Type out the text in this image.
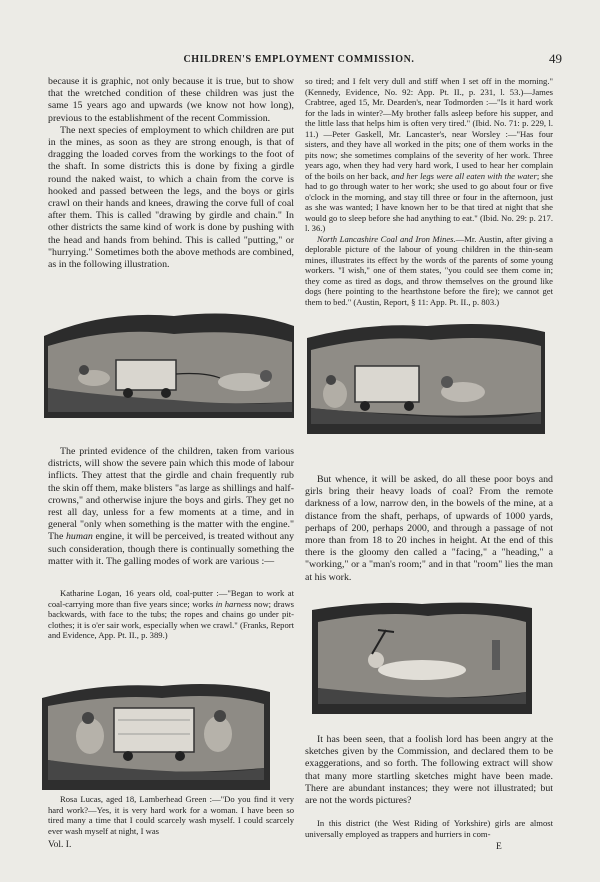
CHILDREN'S EMPLOYMENT COMMISSION.	49

because it is graphic, not only because it is true, but to show that the wretched condition of these children was just the same 15 years ago and upwards (we know not how long), previous to the establishment of the recent Commission.

The next species of employment to which children are put in the mines, as soon as they are strong enough, is that of dragging the loaded corves from the workings to the foot of the shaft. In some districts this is done by fixing a girdle round the naked waist, to which a chain from the corve is hooked and passed between the legs, and the boys or girls crawl on their hands and knees, drawing the corve full of coal after them. This is called "drawing by girdle and chain." In other districts the same kind of work is done by pushing with the head and hands from behind. This is called "putting," or "hurrying." Sometimes both the above methods are combined, as in the following illustration.

The printed evidence of the children, taken from various districts, will show the severe pain which this mode of labour inflicts. They attest that the girdle and chain frequently rub the skin off them, make blisters "as large as shillings and half-crowns," and otherwise injure the boys and girls. They get no rest all day, unless for a few moments at a time, and in general "only when something is the matter with the engine." The human engine, it will be perceived, is treated without any such consideration, though there is continually something the matter with it. The galling modes of work are various :—

Katharine Logan, 16 years old, coal-putter :—"Began to work at coal-carrying more than five years since; works in harness now; draws backwards, with face to the tubs; the ropes and chains go under pit-clothes; it is o'er sair work, especially when we crawl." (Franks, Report and Evidence, App. Pt. II., p. 389.)

Rosa Lucas, aged 18, Lamberhead Green :—"Do you find it very hard work?—Yes, it is very hard work for a woman. I have been so tired many a time that I could scarcely wash myself. I could scarcely ever wash myself at night, I was

Vol. I.

so tired; and I felt very dull and stiff when I set off in the morning." (Kennedy, Evidence, No. 92: App. Pt. II., p. 231, l. 53.)—James Crabtree, aged 15, Mr. Dearden's, near Todmorden :—"Is it hard work for the lads in winter?—My brother falls asleep before his supper, and the little lass that helps him is often very tired." (Ibid. No. 71: p. 229, l. 11.) —Peter Gaskell, Mr. Lancaster's, near Worsley :—"Has four sisters, and they have all worked in the pits; one of them works in the pits now; she sometimes complains of the severity of her work. Three years ago, when they had very hard work, I used to hear her complain of the boils on her back, and her legs were all eaten with the water; she had to go through water to her work; she used to go about four or five o'clock in the morning, and stay till three or four in the afternoon, just as she was wanted; I have known her to be that tired at night that she would go to sleep before she had anything to eat." (Ibid. No. 29: p. 217. l. 36.)

North Lancashire Coal and Iron Mines.—Mr. Austin, after giving a deplorable picture of the labour of young children in the thin-seam mines, illustrates its effect by the words of the parents of some young workers. "I wish," one of them states, "you could see them come in; they come as tired as dogs, and throw themselves on the ground like dogs (here pointing to the hearthstone before the fire); we cannot get them to bed." (Austin, Report, § 11: App. Pt. II., p. 803.)

But whence, it will be asked, do all these poor boys and girls bring their heavy loads of coal? From the remote darkness of a low, narrow den, in the bowels of the mine, at a distance from the shaft, perhaps, of upwards of 1000 yards, perhaps of 200, perhaps 2000, and through a passage of not more than from 18 to 20 inches in height. At the end of this there is the gloomy den called a "facing," a "heading," a "working," or a "man's room;" and in that "room" lies the man at his work.

It has been seen, that a foolish lord has been angry at the sketches given by the Commission, and declared them to be exaggerations, and so forth. The following extract will show that many more startling sketches might have been made. There are abundant instances; they were not illustrated; but are not the words pictures?

In this district (the West Riding of Yorkshire) girls are almost universally employed as trappers and hurriers in com-

E
